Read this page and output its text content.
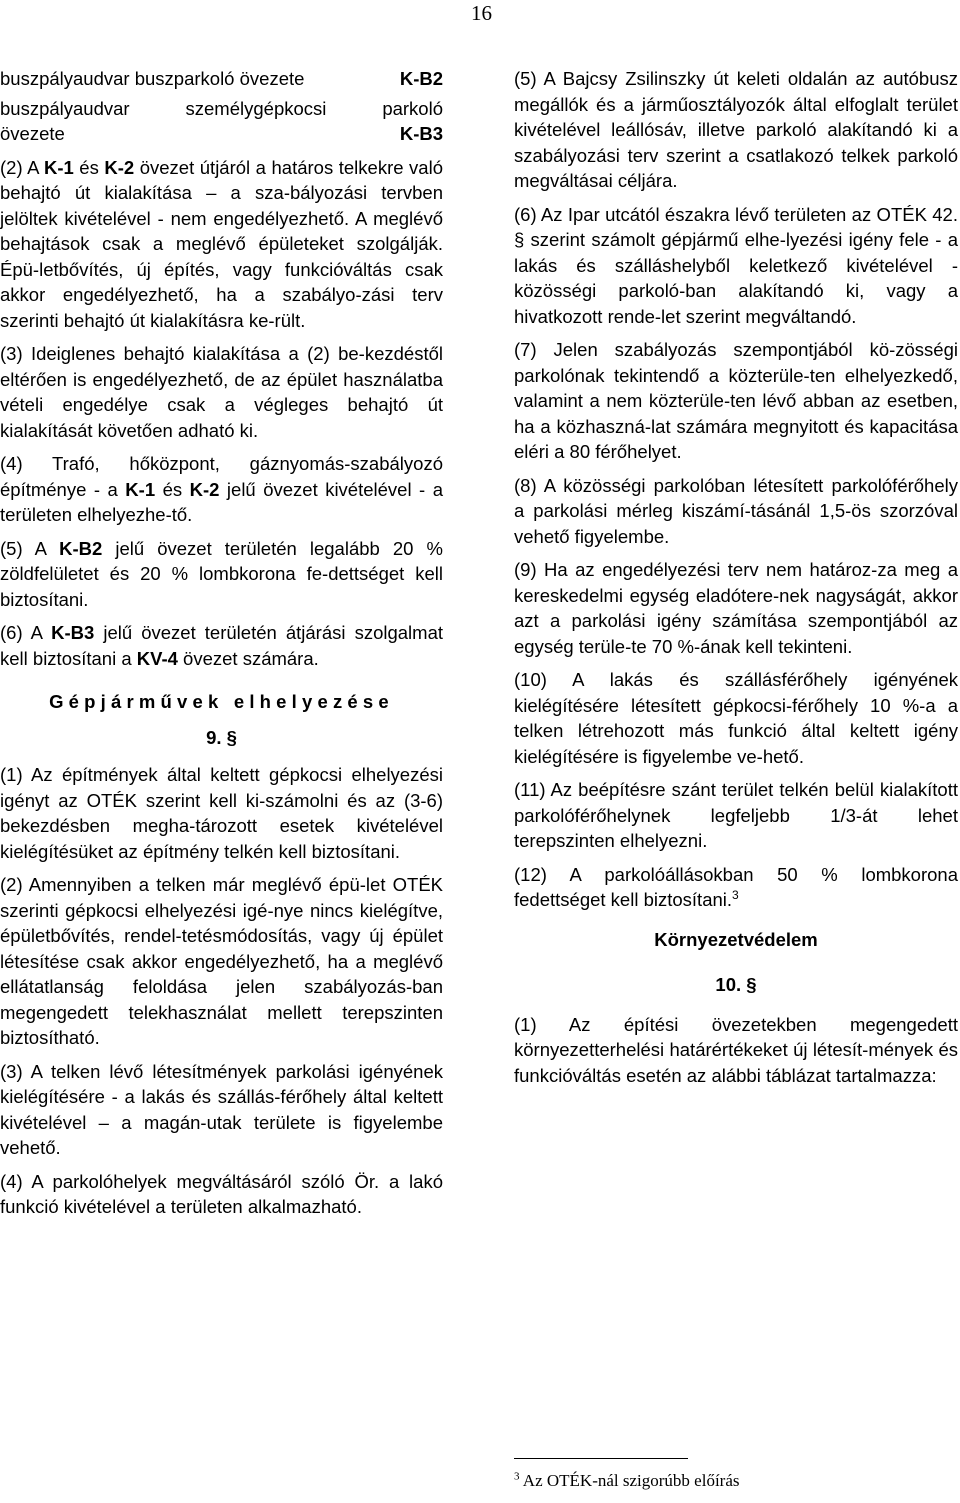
16

buszpályaudvar buszparkoló övezete	K-B2

buszpályaudvar személygépkocsi parkoló

övezete	K-B3

(2) A K-1 és K-2 övezet útjáról a határos telkekre való behajtó út kialakítása – a sza-bályozási tervben jelöltek kivételével - nem engedélyezhető. A meglévő behajtások csak a meglévő épületeket szolgálják. Épü-letbővítés, új építés, vagy funkcióváltás csak akkor engedélyezhető, ha a szabályo-zási terv szerinti behajtó út kialakításra ke-rült.

(3) Ideiglenes behajtó kialakítása a (2) be-kezdéstől eltérően is engedélyezhető, de az épület használatba vételi engedélye csak a végleges behajtó út kialakítását követően adható ki.

(4) Trafó, hőközpont, gáznyomás-szabályozó építménye - a K-1 és K-2 jelű övezet kivételével - a területen elhelyezhe-tő.

(5) A K-B2 jelű övezet területén legalább 20 % zöldfelületet és 20 % lombkorona fe-dettséget kell biztosítani.

(6) A K-B3 jelű övezet területén átjárási szolgalmat kell biztosítani a KV-4 övezet számára.

Gépjárművek elhelyezése
9. §

(1) Az építmények által keltett gépkocsi elhelyezési igényt az OTÉK szerint kell ki-számolni és az (3-6) bekezdésben megha-tározott esetek kivételével kielégítésüket az építmény telkén kell biztosítani.

(2) Amennyiben a telken már meglévő épü-let OTÉK szerinti gépkocsi elhelyezési igé-nye nincs kielégítve, épületbővítés, rendel-tetésmódosítás, vagy új épület létesítése csak akkor engedélyezhető, ha a meglévő ellátatlanság feloldása jelen szabályozás-ban megengedett telekhasználat mellett terepszinten biztosítható.

(3) A telken lévő létesítmények parkolási igényének kielégítésére - a lakás és szállás-férőhely által keltett kivételével – a magán-utak területe is figyelembe vehető.

(4) A parkolóhelyek megváltásáról szóló Ör. a lakó funkció kivételével a területen alkalmazható.

(5) A Bajcsy Zsilinszky út keleti oldalán az autóbusz megállók és a járműosztályozók által elfoglalt terület kivételével leállósáv, illetve parkoló alakítandó ki a szabályozási terv szerint a csatlakozó telkek parkoló megváltásai céljára.

(6) Az Ipar utcától északra lévő területen az OTÉK 42. § szerint számolt gépjármű elhe-lyezési igény fele - a lakás és szálláshelyből keletkező kivételével - közösségi parkoló-ban alakítandó ki, vagy a hivatkozott rende-let szerint megváltandó.

(7) Jelen szabályozás szempontjából kö-zösségi parkolónak tekintendő a közterüle-ten elhelyezkedő, valamint a nem közterüle-ten lévő abban az esetben, ha a közhaszná-lat számára megnyitott és kapacitása eléri a 80 férőhelyet.

(8) A közösségi parkolóban létesített parkolóférőhely a parkolási mérleg kiszámí-tásánál 1,5-ös szorzóval vehető figyelembe.

(9) Ha az engedélyezési terv nem határoz-za meg a kereskedelmi egység eladótere-nek nagyságát, akkor azt a parkolási igény számítása szempontjából az egység terüle-te 70 %-ának kell tekinteni.

(10) A lakás és szállásférőhely igényének kielégítésére létesített gépkocsi-férőhely 10 %-a a telken létrehozott más funkció által keltett igény kielégítésére is figyelembe ve-hető.

(11) Az beépítésre szánt terület telkén belül kialakított parkolóférőhelynek legfeljebb 1/3-át lehet terepszinten elhelyezni.

(12) A parkolóállásokban 50 % lombkorona fedettséget kell biztosítani.$^3$

Környezetvédelem
10. §

(1) Az építési övezetekben megengedett környezetterhelési határértékeket új létesít-mények és funkcióváltás esetén az alábbi táblázat tartalmazza:

$^3$ Az OTÉK-nál szigorúbb előírás
